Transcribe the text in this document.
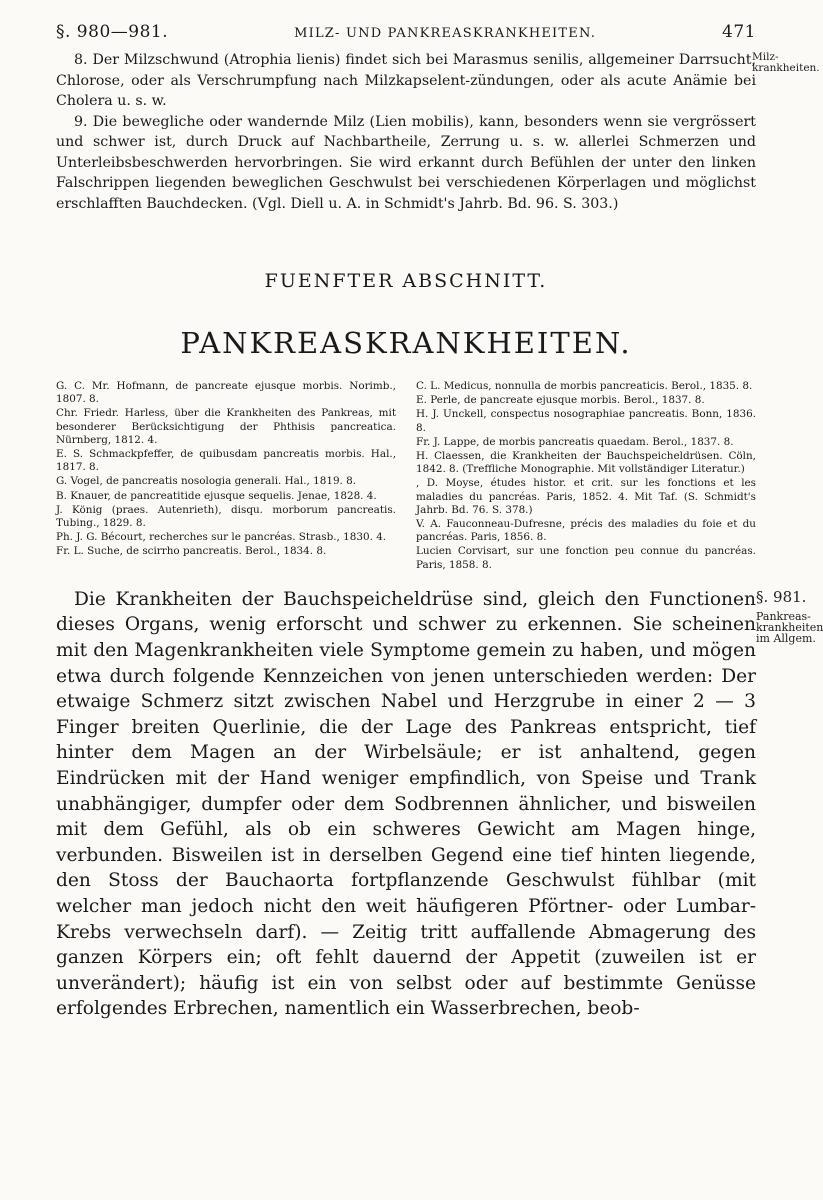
§. 980—981.	MILZ- UND PANKREASKRANKHEITEN.	471

8. Der Milzschwund (Atrophia lienis) findet sich bei Marasmus senilis, allgemeiner Darrsucht, Chlorose, oder als Verschrumpfung nach Milzkapselent-zündungen, oder als acute Anämie bei Cholera u. s. w.

Milz-krankheiten.

9. Die bewegliche oder wandernde Milz (Lien mobilis), kann, besonders wenn sie vergrössert und schwer ist, durch Druck auf Nachbartheile, Zerrung u. s. w. allerlei Schmerzen und Unterleibsbeschwerden hervorbringen. Sie wird erkannt durch Befühlen der unter den linken Falschrippen liegenden beweglichen Geschwulst bei verschiedenen Körperlagen und möglichst erschlafften Bauchdecken. (Vgl. Diell u. A. in Schmidt's Jahrb. Bd. 96. S. 303.)

FUENFTER ABSCHNITT.
PANKREASKRANKHEITEN.

G. C. Mr. Hofmann, de pancreate ejusque morbis. Norimb., 1807. 8.

Chr. Friedr. Harless, über die Krankheiten des Pankreas, mit besonderer Berücksichtigung der Phthisis pancreatica. Nürnberg, 1812. 4.

E. S. Schmackpfeffer, de quibusdam pancreatis morbis. Hal., 1817. 8.

G. Vogel, de pancreatis nosologia generali. Hal., 1819. 8.

B. Knauer, de pancreatitide ejusque sequelis. Jenae, 1828. 4.

J. König (praes. Autenrieth), disqu. morborum pancreatis. Tubing., 1829. 8.

Ph. J. G. Bécourt, recherches sur le pancréas. Strasb., 1830. 4.

Fr. L. Suche, de scirrho pancreatis. Berol., 1834. 8.

C. L. Medicus, nonnulla de morbis pancreaticis. Berol., 1835. 8.

E. Perle, de pancreate ejusque morbis. Berol., 1837. 8.

H. J. Unckell, conspectus nosographiae pancreatis. Bonn, 1836. 8.

Fr. J. Lappe, de morbis pancreatis quaedam. Berol., 1837. 8.

H. Claessen, die Krankheiten der Bauchspeicheldrüsen. Cöln, 1842. 8. (Treffliche Monographie. Mit vollständiger Literatur.)

, D. Moyse, études histor. et crit. sur les fonctions et les maladies du pancréas. Paris, 1852. 4. Mit Taf. (S. Schmidt's Jahrb. Bd. 76. S. 378.)

V. A. Fauconneau-Dufresne, précis des maladies du foie et du pancréas. Paris, 1856. 8.

Lucien Corvisart, sur une fonction peu connue du pancréas. Paris, 1858. 8.

Die Krankheiten der Bauchspeicheldrüse sind, gleich den Functionen dieses Organs, wenig erforscht und schwer zu erkennen. Sie scheinen mit den Magenkrankheiten viele Symptome gemein zu haben, und mögen etwa durch folgende Kennzeichen von jenen unterschieden werden: Der etwaige Schmerz sitzt zwischen Nabel und Herzgrube in einer 2 — 3 Finger breiten Querlinie, die der Lage des Pankreas entspricht, tief hinter dem Magen an der Wirbelsäule; er ist anhaltend, gegen Eindrücken mit der Hand weniger empfindlich, von Speise und Trank unabhängiger, dumpfer oder dem Sodbrennen ähnlicher, und bisweilen mit dem Gefühl, als ob ein schweres Gewicht am Magen hinge, verbunden. Bisweilen ist in derselben Gegend eine tief hinten liegende, den Stoss der Bauchaorta fortpflanzende Geschwulst fühlbar (mit welcher man jedoch nicht den weit häufigeren Pförtner- oder Lumbar-Krebs verwechseln darf). — Zeitig tritt auffallende Abmagerung des ganzen Körpers ein; oft fehlt dauernd der Appetit (zuweilen ist er unverändert); häufig ist ein von selbst oder auf bestimmte Genüsse erfolgendes Erbrechen, namentlich ein Wasserbrechen, beob-

§. 981.
Pankreas-krankheiten im Allgem.
